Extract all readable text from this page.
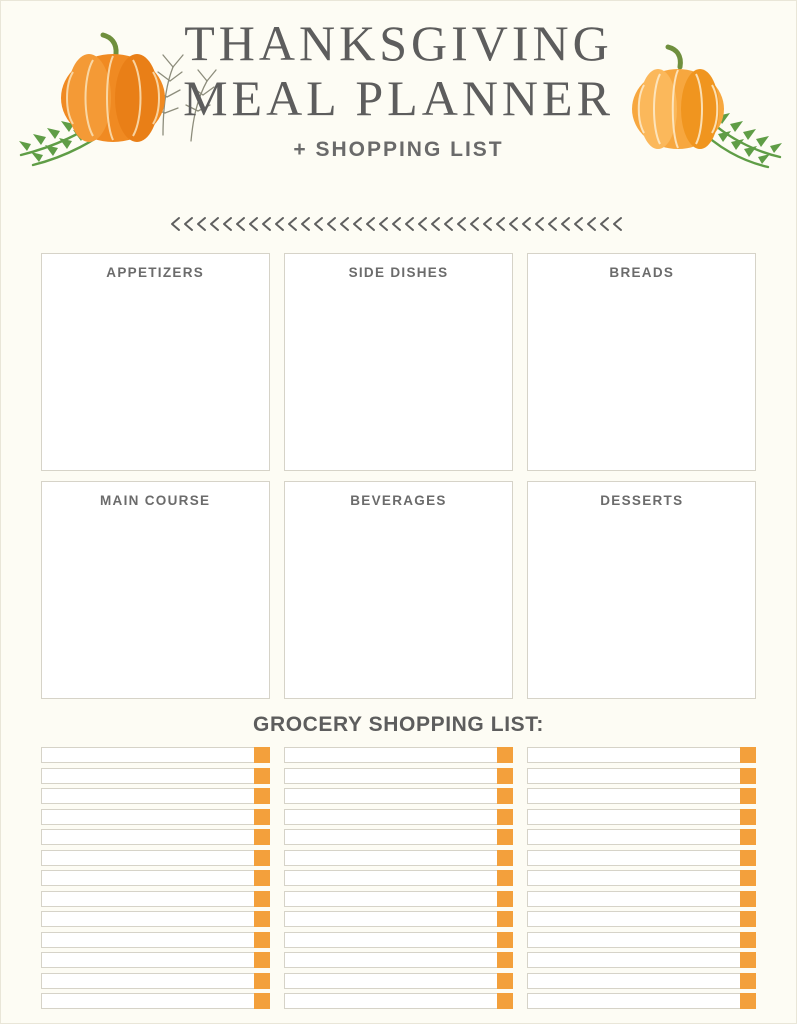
THANKSGIVING
MEAL PLANNER
+ SHOPPING LIST
APPETIZERS	SIDE DISHES	BREADS
MAIN COURSE	BEVERAGES	DESSERTS
GROCERY SHOPPING LIST:
